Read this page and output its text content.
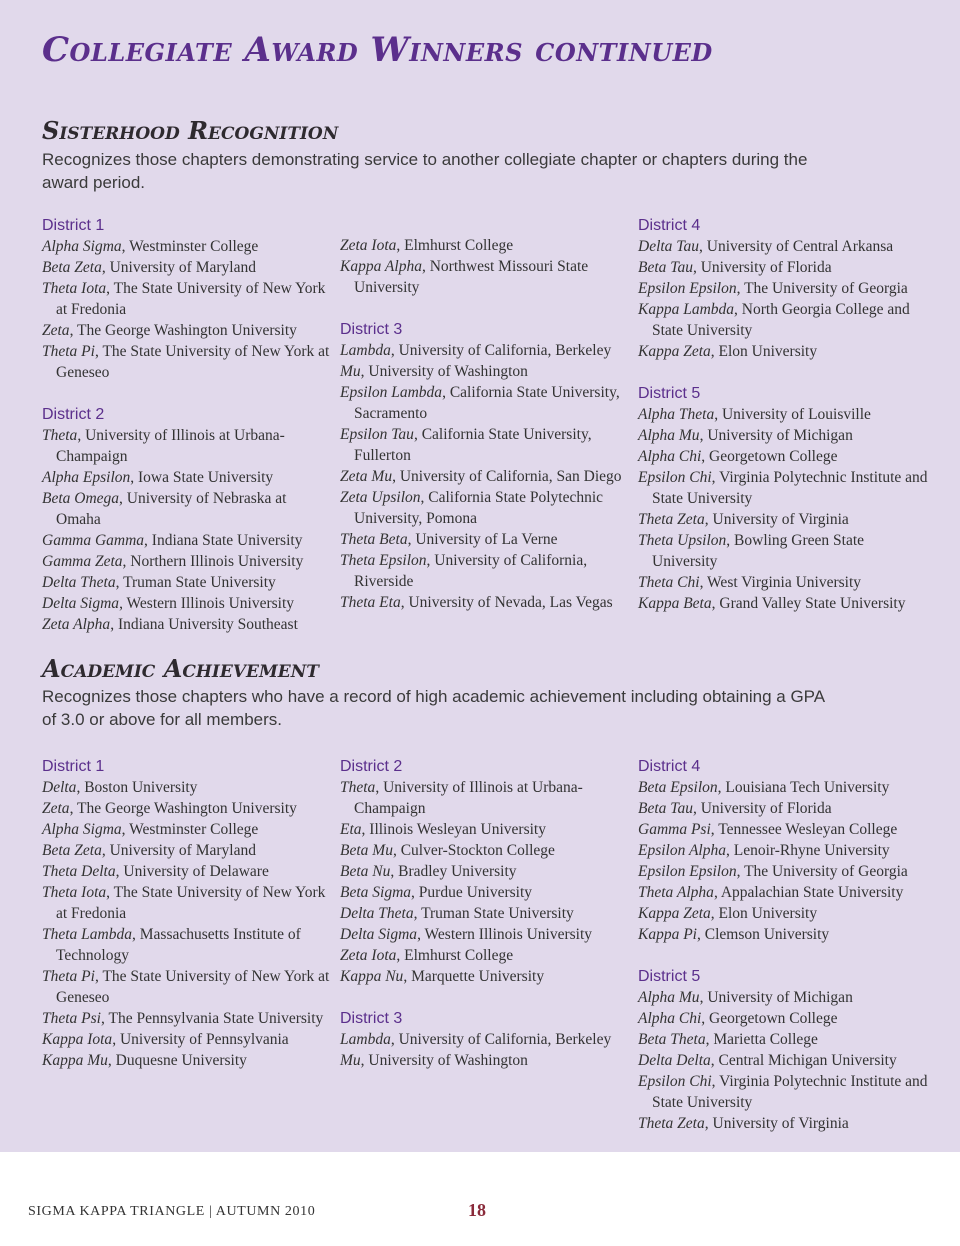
Collegiate Award Winners continued
Sisterhood Recognition
Recognizes those chapters demonstrating service to another collegiate chapter or chapters during the award period.
District 1
Alpha Sigma, Westminster College
Beta Zeta, University of Maryland
Theta Iota, The State University of New York at Fredonia
Zeta, The George Washington University
Theta Pi, The State University of New York at Geneseo
District 2
Theta, University of Illinois at Urbana-Champaign
Alpha Epsilon, Iowa State University
Beta Omega, University of Nebraska at Omaha
Gamma Gamma, Indiana State University
Gamma Zeta, Northern Illinois University
Delta Theta, Truman State University
Delta Sigma, Western Illinois University
Zeta Alpha, Indiana University Southeast
Zeta Iota, Elmhurst College
Kappa Alpha, Northwest Missouri State University
District 3
Lambda, University of California, Berkeley
Mu, University of Washington
Epsilon Lambda, California State University, Sacramento
Epsilon Tau, California State University, Fullerton
Zeta Mu, University of California, San Diego
Zeta Upsilon, California State Polytechnic University, Pomona
Theta Beta, University of La Verne
Theta Epsilon, University of California, Riverside
Theta Eta, University of Nevada, Las Vegas
District 4
Delta Tau, University of Central Arkansa
Beta Tau, University of Florida
Epsilon Epsilon, The University of Georgia
Kappa Lambda, North Georgia College and State University
Kappa Zeta, Elon University
District 5
Alpha Theta, University of Louisville
Alpha Mu, University of Michigan
Alpha Chi, Georgetown College
Epsilon Chi, Virginia Polytechnic Institute and State University
Theta Zeta, University of Virginia
Theta Upsilon, Bowling Green State University
Theta Chi, West Virginia University
Kappa Beta, Grand Valley State University
Academic Achievement
Recognizes those chapters who have a record of high academic achievement including obtaining a GPA of 3.0 or above for all members.
District 1
Delta, Boston University
Zeta, The George Washington University
Alpha Sigma, Westminster College
Beta Zeta, University of Maryland
Theta Delta, University of Delaware
Theta Iota, The State University of New York at Fredonia
Theta Lambda, Massachusetts Institute of Technology
Theta Pi, The State University of New York at Geneseo
Theta Psi, The Pennsylvania State University
Kappa Iota, University of Pennsylvania
Kappa Mu, Duquesne University
District 2
Theta, University of Illinois at Urbana-Champaign
Eta, Illinois Wesleyan University
Beta Mu, Culver-Stockton College
Beta Nu, Bradley University
Beta Sigma, Purdue University
Delta Theta, Truman State University
Delta Sigma, Western Illinois University
Zeta Iota, Elmhurst College
Kappa Nu, Marquette University
District 3
Lambda, University of California, Berkeley
Mu, University of Washington
District 4
Beta Epsilon, Louisiana Tech University
Beta Tau, University of Florida
Gamma Psi, Tennessee Wesleyan College
Epsilon Alpha, Lenoir-Rhyne University
Epsilon Epsilon, The University of Georgia
Theta Alpha, Appalachian State University
Kappa Zeta, Elon University
Kappa Pi, Clemson University
District 5
Alpha Mu, University of Michigan
Alpha Chi, Georgetown College
Beta Theta, Marietta College
Delta Delta, Central Michigan University
Epsilon Chi, Virginia Polytechnic Institute and State University
Theta Zeta, University of Virginia
SIGMA KAPPA TRIANGLE | AUTUMN 2010	18
